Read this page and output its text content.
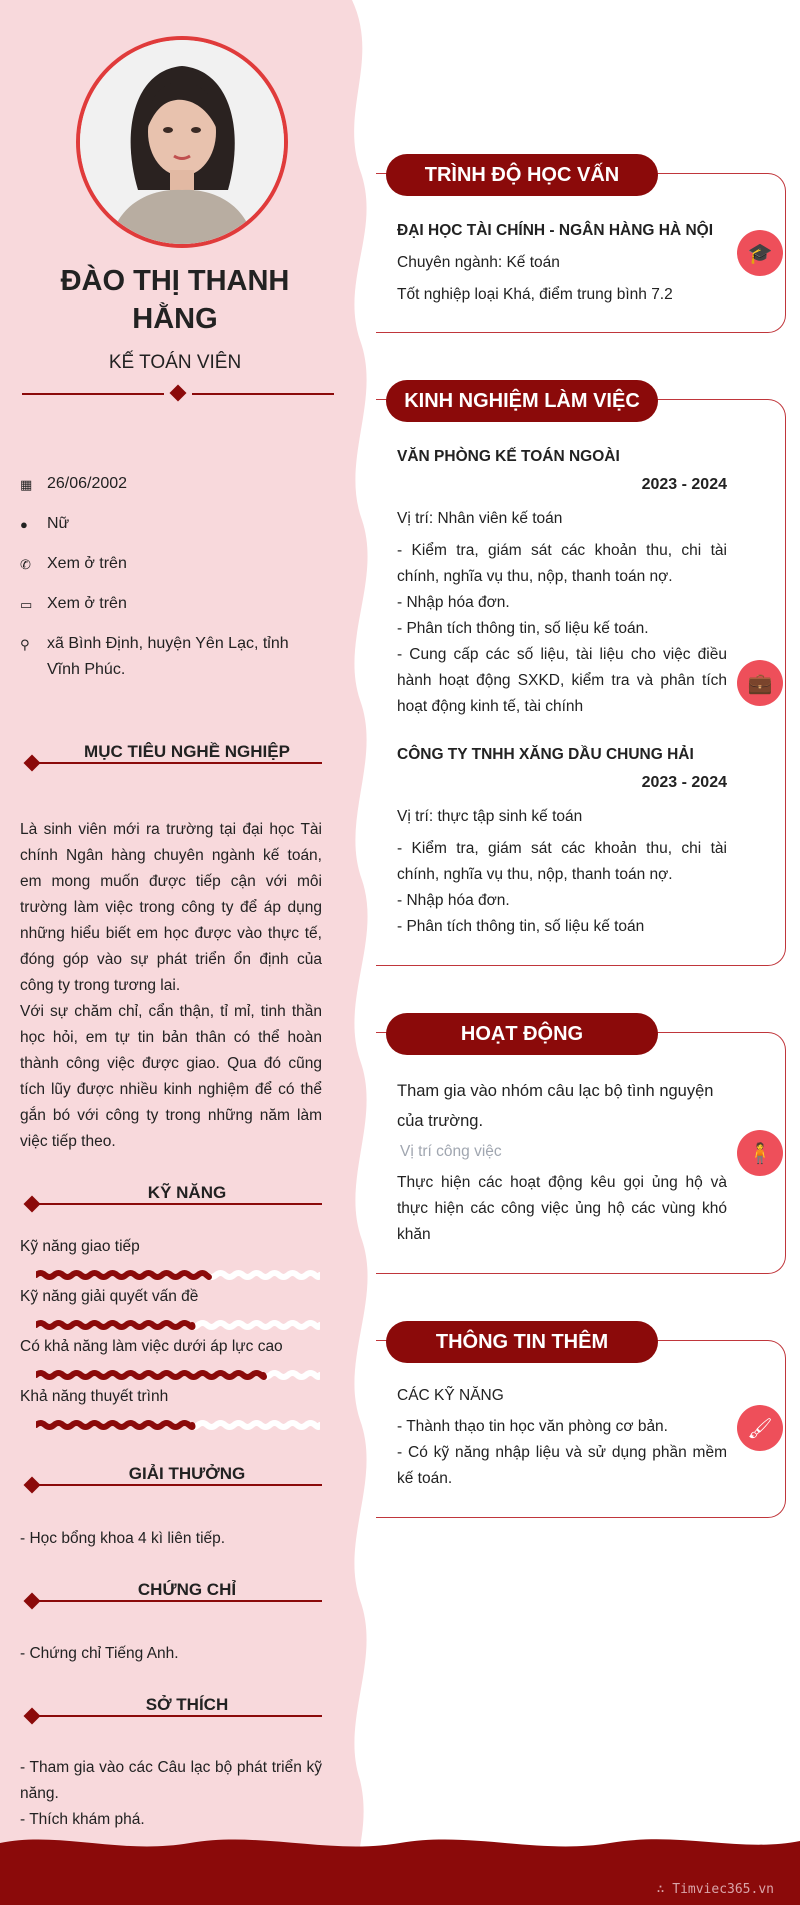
∴ Timviec365.vn
ĐÀO THỊ THANH HẰNG
KẾ TOÁN VIÊN
▦ 26/06/2002
●	Nữ
✆	Xem ở trên
▭ Xem ở trên
⚲	xã Bình Định, huyện Yên Lạc, tỉnh Vĩnh Phúc.
MỤC TIÊU NGHỀ NGHIỆP
Là sinh viên mới ra trường tại đại học Tài chính Ngân hàng chuyên ngành kế toán, em mong muốn được tiếp cận với môi trường làm việc trong công ty để áp dụng những hiểu biết em học được vào thực tế, đóng góp vào sự phát triển ổn định của công ty trong tương lai.
Với sự chăm chỉ, cẩn thận, tỉ mỉ, tinh thần học hỏi, em tự tin bản thân có thể hoàn thành công việc được giao. Qua đó cũng tích lũy được nhiều kinh nghiệm để có thể gắn bó với công ty trong những năm làm việc tiếp theo.
KỸ NĂNG
Kỹ năng giao tiếp
Kỹ năng giải quyết vấn đề
Có khả năng làm việc dưới áp lực cao
Khả năng thuyết trình
GIẢI THƯỞNG
- Học bổng khoa 4 kì liên tiếp.
CHỨNG CHỈ
- Chứng chỉ Tiếng Anh.
SỞ THÍCH
- Tham gia vào các Câu lạc bộ phát triển kỹ năng.
- Thích khám phá.
TRÌNH ĐỘ HỌC VẤN
🎓
ĐẠI HỌC TÀI CHÍNH - NGÂN HÀNG HÀ NỘI
Chuyên ngành: Kế toán
Tốt nghiệp loại Khá, điểm trung bình 7.2
KINH NGHIỆM LÀM VIỆC
💼
VĂN PHÒNG KẾ TOÁN NGOÀI
2023 - 2024
Vị trí: Nhân viên kế toán
- Kiểm tra, giám sát các khoản thu, chi tài chính, nghĩa vụ thu, nộp, thanh toán nợ.
- Nhập hóa đơn.
- Phân tích thông tin, số liệu kế toán.
- Cung cấp các số liệu, tài liệu cho việc điều hành hoạt động SXKD, kiểm tra và phân tích hoạt động kinh tế, tài chính
CÔNG TY TNHH XĂNG DẦU CHUNG HẢI
2023 - 2024
Vị trí: thực tập sinh kế toán
- Kiểm tra, giám sát các khoản thu, chi tài chính, nghĩa vụ thu, nộp, thanh toán nợ.
- Nhập hóa đơn.
- Phân tích thông tin, số liệu kế toán
HOẠT ĐỘNG
🧍
Tham gia vào nhóm câu lạc bộ tình nguyện của trường.
Vị trí công việc
Thực hiện các hoạt động kêu gọi ủng hộ và thực hiện các công việc ủng hộ các vùng khó khăn
THÔNG TIN THÊM
🖌
CÁC KỸ NĂNG
- Thành thạo tin học văn phòng cơ bản.
- Có kỹ năng nhập liệu và sử dụng phần mềm kế toán.
